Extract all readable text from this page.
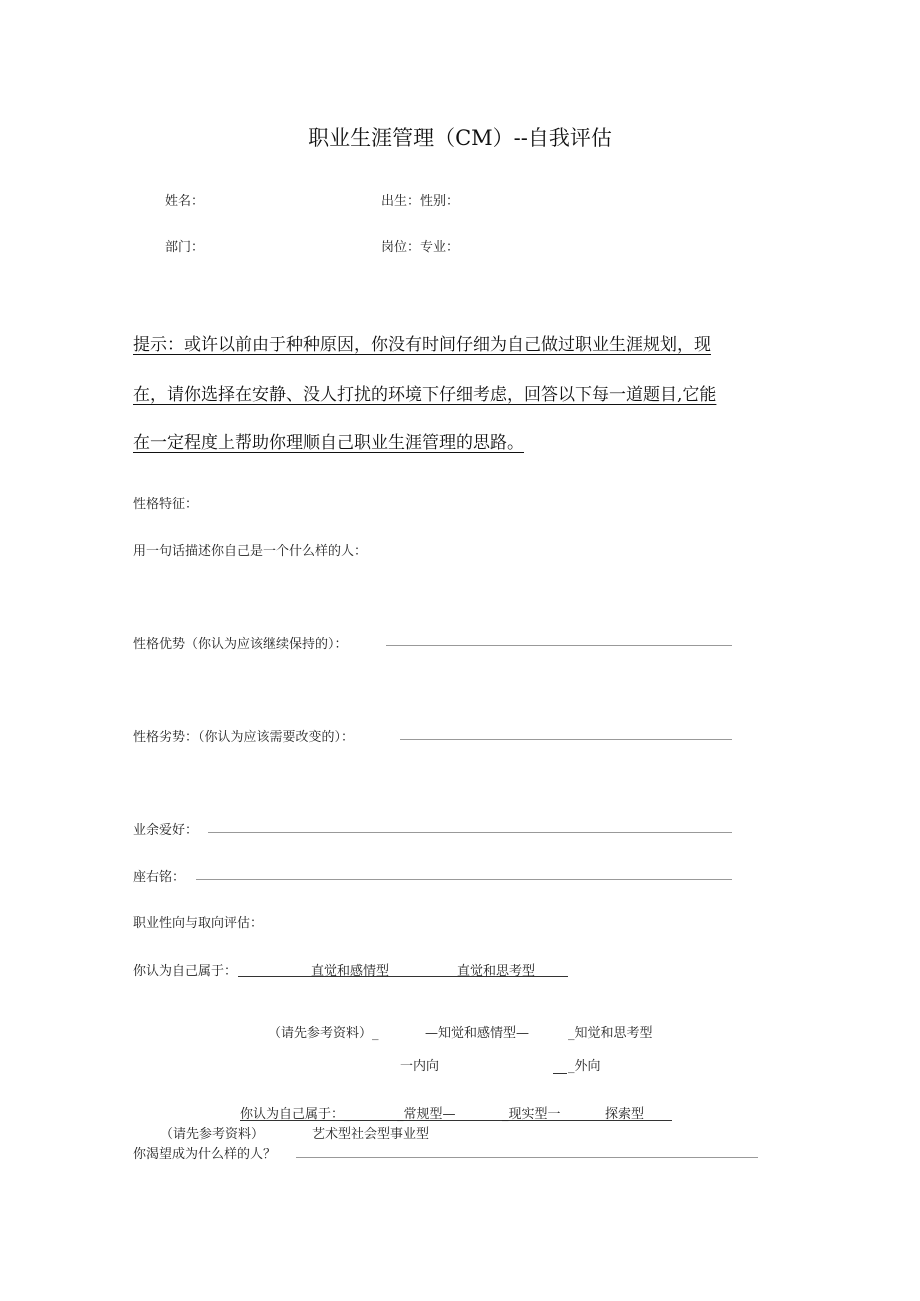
职业生涯管理（CM）--自我评估
姓名：	出生：性别：
部门：	岗位：专业：
提示：或许以前由于种种原因，你没有时间仔细为自己做过职业生涯规划，现
在，请你选择在安静、没人打扰的环境下仔细考虑，回答以下每一道题目,它能
在一定程度上帮助你理顺自己职业生涯管理的思路。
性格特征：
用一句话描述你自己是一个什么样的人：
性格优势（你认为应该继续保持的）：
性格劣势：（你认为应该需要改变的）：
业余爱好：
座右铭：
职业性向与取向评估：
你认为自己属于：	直觉和感情型	直觉和思考型
（请先参考资料）_	—知觉和感情型—	_知觉和思考型
一内向	_外向
你认为自己属于：_	_常规型—	_现实型一	探索型
（请先参考资料）	艺术型社会型事业型
你渴望成为什么样的人？
